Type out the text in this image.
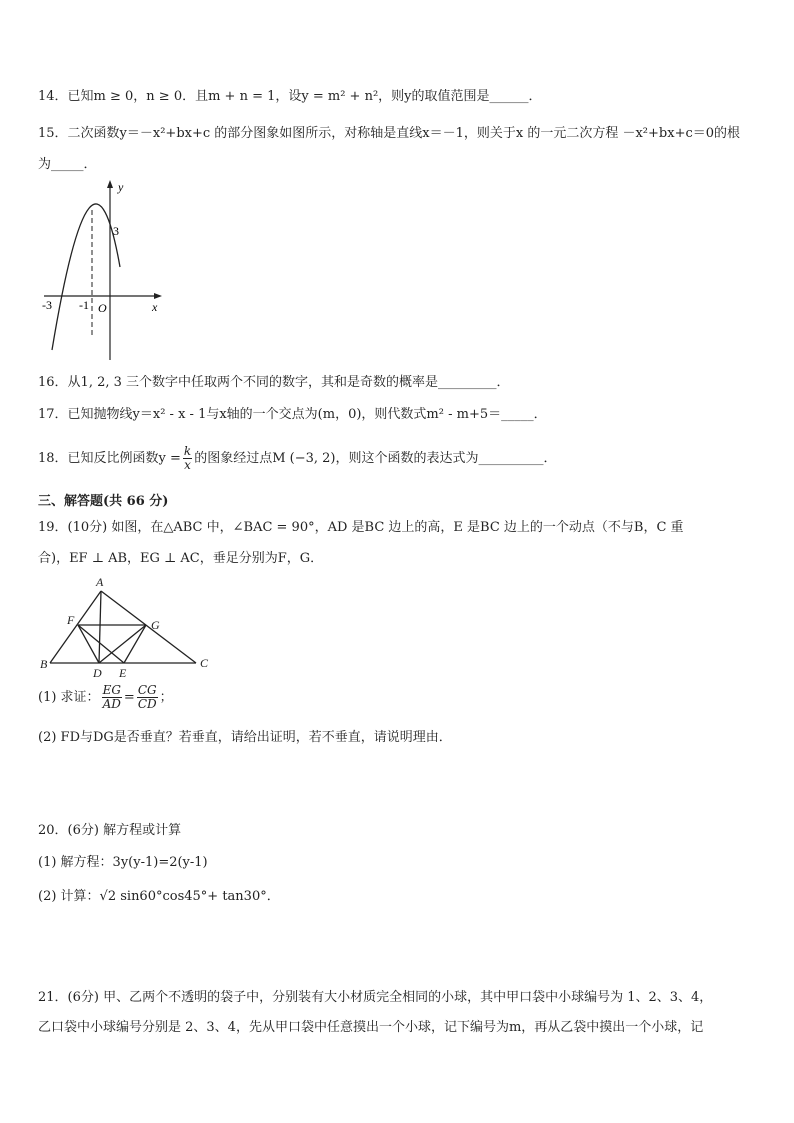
14．已知m ≥ 0，n ≥ 0．且m + n = 1，设y = m² + n²，则y的取值范围是______．
15．二次函数y＝－x²+bx+c 的部分图象如图所示，对称轴是直线x＝－1，则关于x 的一元二次方程 －x²+bx+c＝0的根
为_____．
y
x
3
-3 -1 O
16．从1, 2, 3 三个数字中任取两个不同的数字，其和是奇数的概率是_________．
17．已知抛物线y＝x² - x - 1与x轴的一个交点为(m，0)，则代数式m² - m+5＝_____．
18．已知反比例函数$y = \frac{k}{x}$ 的图象经过点M (−3, 2)，则这个函数的表达式为__________．
三、解答题(共 66 分)
19．(10分) 如图，在△ABC 中，∠BAC = 90°，AD 是BC 边上的高，E 是BC 边上的一个动点（不与B，C 重
合)，EF ⊥ AB，EG ⊥ AC，垂足分别为F，G．
A
B	C
D E
F	G
(1) 求证： $\frac{EG}{AD} = \frac{CG}{CD}$ ；
(2) FD与DG是否垂直？若垂直，请给出证明，若不垂直，请说明理由．
20．(6分) 解方程或计算
(1) 解方程：3y(y-1)=2(y-1)
(2) 计算：√2 sin60°cos45°+ tan30°．
21．(6分) 甲、乙两个不透明的袋子中，分别装有大小材质完全相同的小球，其中甲口袋中小球编号为 1、2、3、4，
乙口袋中小球编号分别是 2、3、4，先从甲口袋中任意摸出一个小球，记下编号为m，再从乙袋中摸出一个小球，记
